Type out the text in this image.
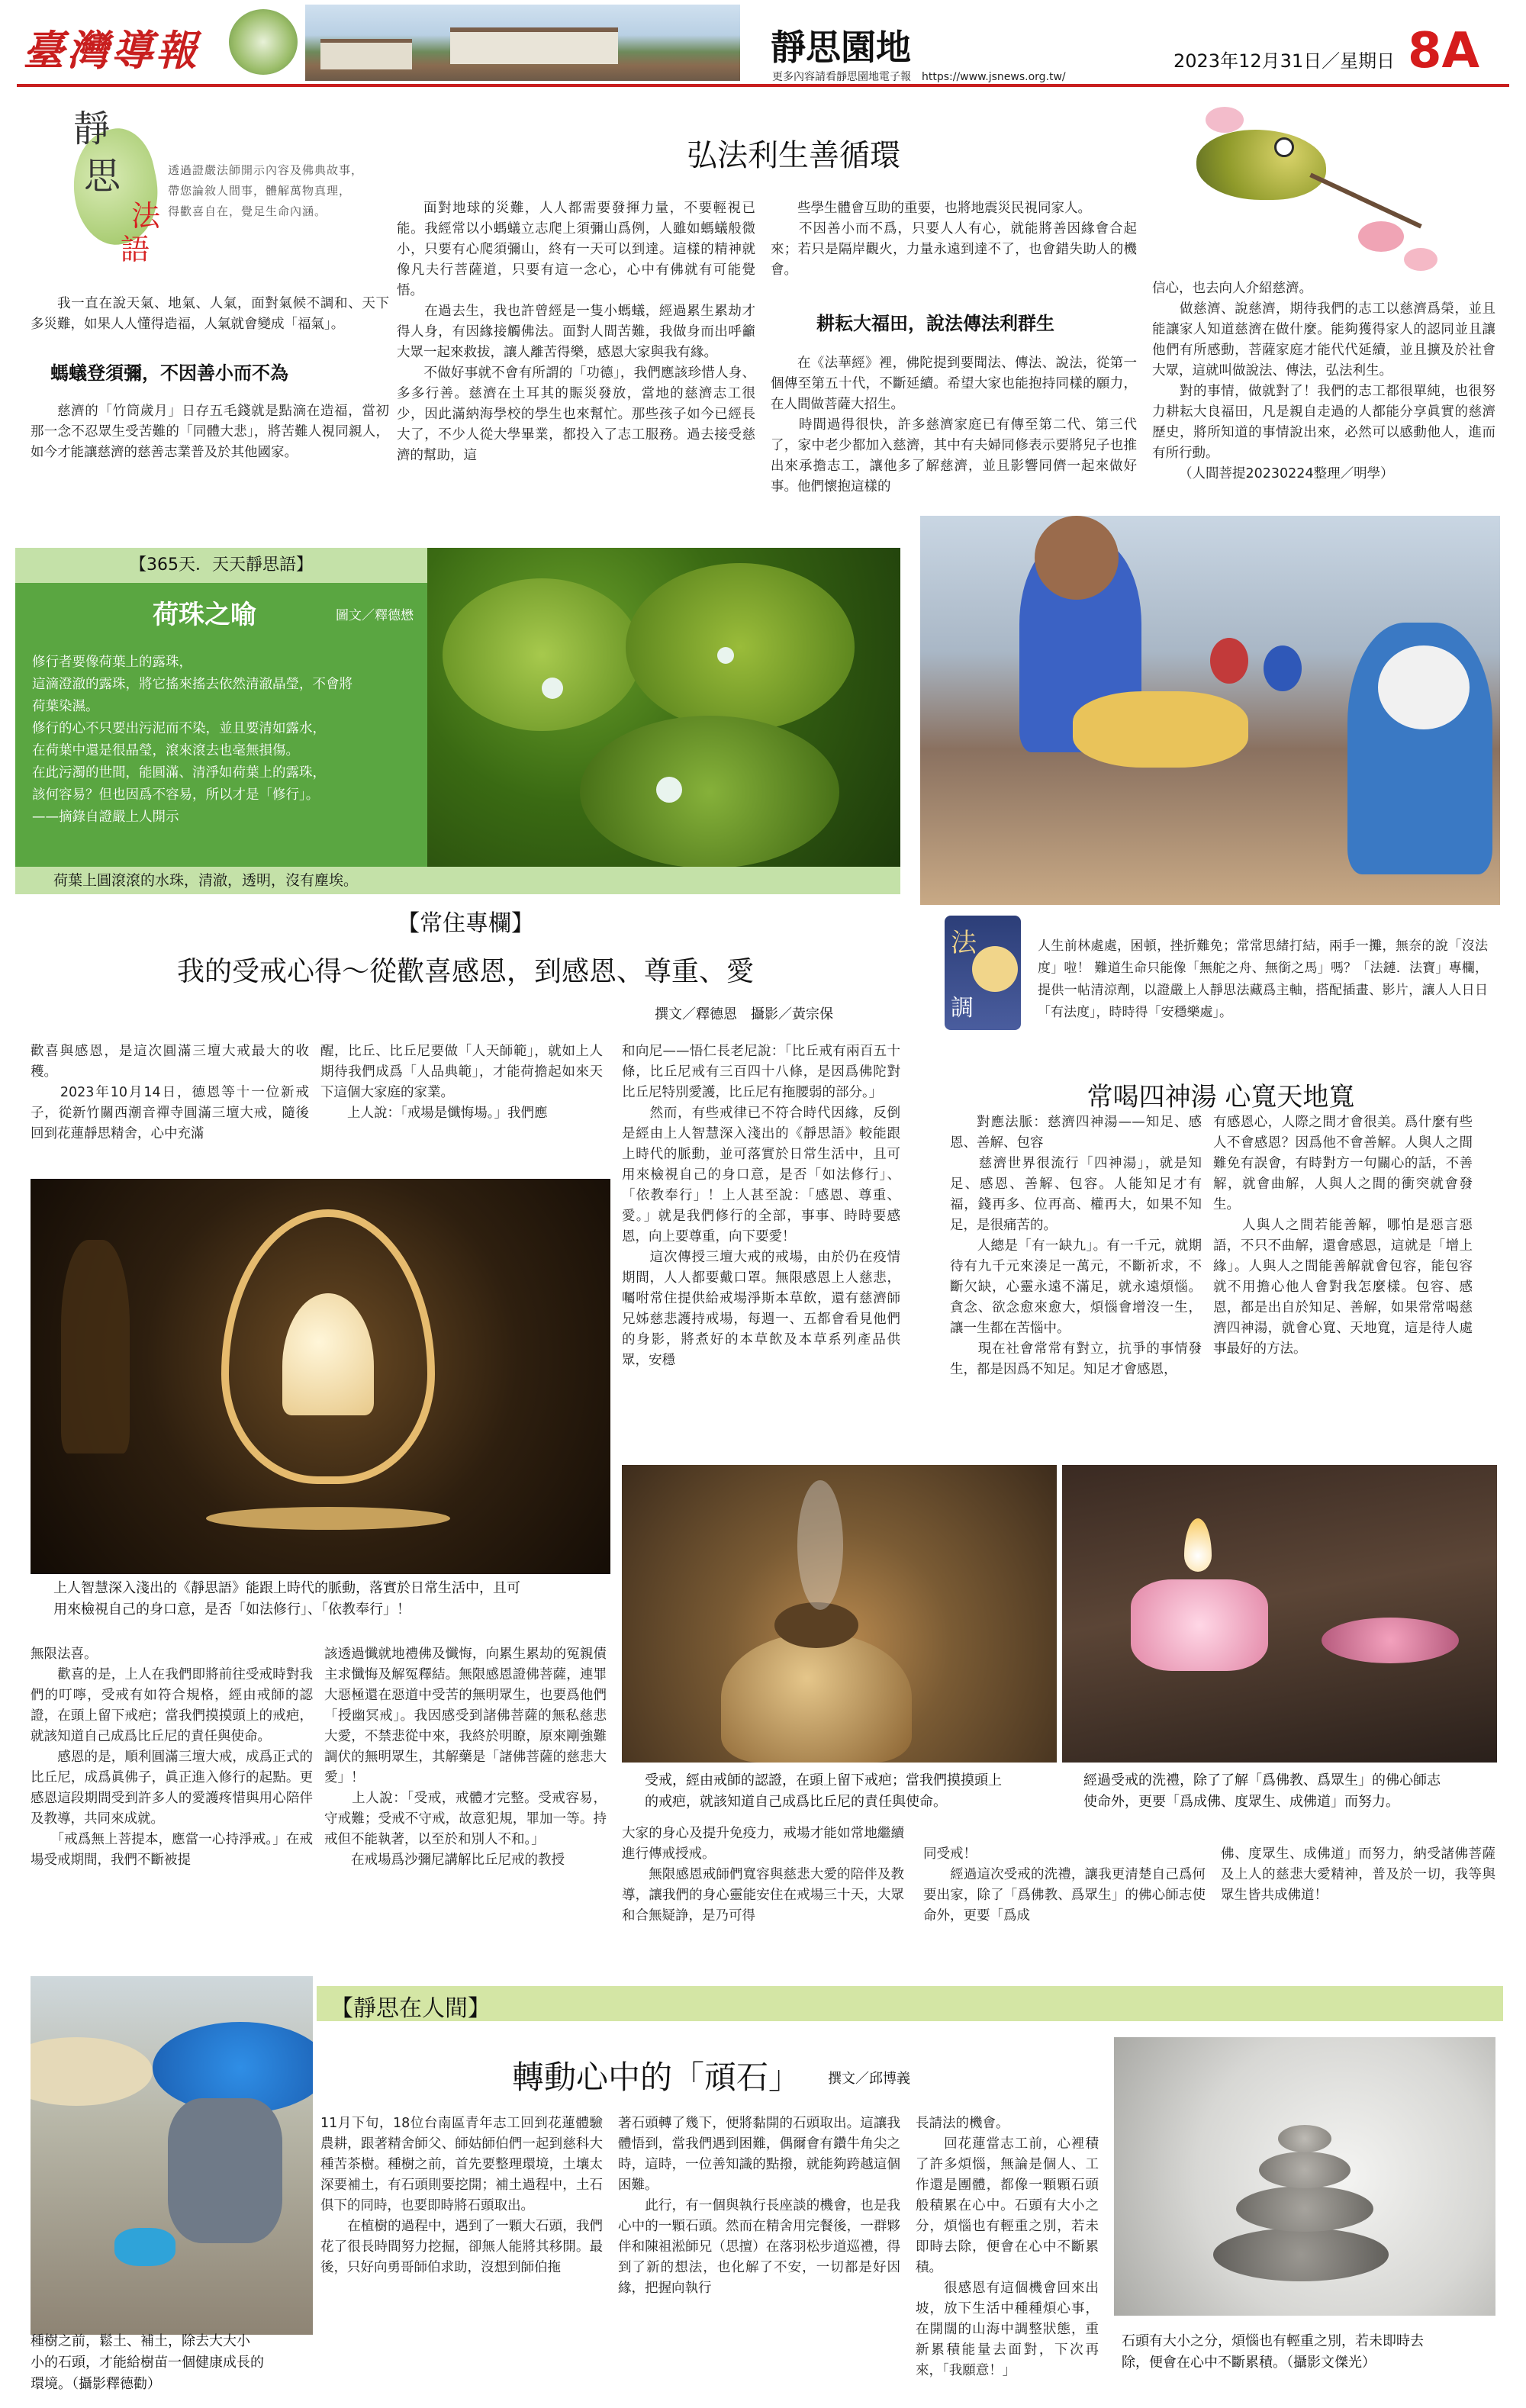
臺灣導報	靜思園地
更多內容請看靜思園地電子報　 https://www.jsnews.org.tw/
2023年12月31日／星期日 8A
靜
思
法
語
透過證嚴法師開示內容及佛典故事，
帶您論敘人間事，體解萬物真理，
得歡喜自在，覺足生命內涵。
弘法利生善循環
我一直在說天氣、地氣、人氣，面對氣候不調和、天下多災難，如果人人懂得造福，人氣就會變成「福氣」。
螞蟻登須彌，不因善小而不為
慈濟的「竹筒歲月」日存五毛錢就是點滴在造福，當初那一念不忍眾生受苦難的「同體大悲」，將苦難人視同親人，如今才能讓慈濟的慈善志業普及於其他國家。
面對地球的災難，人人都需要發揮力量，不要輕視已能。我經常以小螞蟻立志爬上須彌山爲例，人雖如螞蟻般微小，只要有心爬須彌山，終有一天可以到達。這樣的精神就像凡夫行菩薩道，只要有這一念心，心中有佛就有可能覺悟。
　　在過去生，我也許曾經是一隻小螞蟻，經過累生累劫才得人身，有因緣接觸佛法。面對人間苦難，我做身而出呼籲大眾一起來救拔，讓人離苦得樂，感恩大家與我有緣。
　　不做好事就不會有所謂的「功德」，我們應該珍惜人身、多多行善。慈濟在土耳其的賑災發放，當地的慈濟志工很少，因此滿納海學校的學生也來幫忙。那些孩子如今已經長大了，不少人從大學畢業，都投入了志工服務。過去接受慈濟的幫助，這
些學生體會互助的重要，也將地震災民視同家人。
　　不因善小而不爲，只要人人有心，就能將善因緣會合起來；若只是隔岸觀火，力量永遠到達不了，也會錯失助人的機會。
耕耘大福田，說法傳法利群生
在《法華經》裡，佛陀提到要聞法、傳法、說法，從第一個傳至第五十代，不斷延續。希望大家也能抱持同樣的願力，在人間做菩薩大招生。
　　時間過得很快，許多慈濟家庭已有傳至第二代、第三代了，家中老少都加入慈濟，其中有夫婦同修表示要將兒子也推出來承擔志工，讓他多了解慈濟，並且影響同儕一起來做好事。他們懷抱這樣的
信心，也去向人介紹慈濟。
　　做慈濟、說慈濟，期待我們的志工以慈濟爲榮，並且能讓家人知道慈濟在做什麼。能夠獲得家人的認同並且讓他們有所感動，菩薩家庭才能代代延續，並且擴及於社會大眾，這就叫做說法、傳法，弘法利生。
　　對的事情，做就對了！我們的志工都很單純，也很努力耕耘大良福田，凡是親自走過的人都能分享眞實的慈濟歷史，將所知道的事情說出來，必然可以感動他人，進而有所行動。
（人間菩提20230224整理／明學）
【365天．天天靜思語】
荷珠之喻	圖文／釋德懋
修行者要像荷葉上的露珠，
這滴澄澈的露珠，將它搖來搖去依然清澈晶瑩，不會將
荷葉染濕。
修行的心不只要出污泥而不染，並且要清如露水，
在荷葉中還是很晶瑩，滾來滾去也毫無損傷。
在此污濁的世間，能圓滿、清淨如荷葉上的露珠，
該何容易？但也因爲不容易，所以才是「修行」。
——摘錄自證嚴上人開示
荷葉上圓滾滾的水珠，清澈，透明，沒有塵埃。
【常住專欄】
我的受戒心得～從歡喜感恩，到感恩、尊重、愛
撰文／釋德恩　攝影／黃宗保
法
調
人生前林處處，困頓，挫折難免；常常思緒打結，兩手一攤，無奈的說「沒法度」啦！ 難道生命只能像「無舵之舟、無銜之馬」嗎？「法鏈．法寶」專欄，提供一帖清涼劑，以證嚴上人靜思法藏爲主軸，搭配插畫、影片，讓人人日日「有法度」，時時得「安穩樂處」。
常喝四神湯 心寬天地寬
對應法脈：慈濟四神湯——知足、感恩、善解、包容
　　慈濟世界很流行「四神湯」，就是知足、感恩、善解、包容。人能知足才有福，錢再多、位再高、權再大，如果不知足，是很痛苦的。
　　人總是「有一缺九」。有一千元，就期待有九千元來湊足一萬元，不斷祈求，不斷欠缺，心靈永遠不滿足，就永遠煩惱。貪念、欲念愈來愈大，煩惱會增沒一生，讓一生都在苦惱中。
　　現在社會常常有對立，抗爭的事情發生，都是因爲不知足。知足才會感恩，
有感恩心，人際之間才會很美。爲什麼有些人不會感恩？因爲他不會善解。人與人之間難免有誤會，有時對方一句關心的話，不善解，就會曲解，人與人之間的衝突就會發生。
　　人與人之間若能善解，哪怕是惡言惡語，不只不曲解，還會感恩，這就是「增上緣」。人與人之間能善解就會包容，能包容就不用擔心他人會對我怎麼樣。包容、感恩，都是出自於知足、善解，如果常常喝慈濟四神湯，就會心寬、天地寬，這是待人處事最好的方法。
歡喜與感恩，是這次圓滿三壇大戒最大的收穫。
　　2023年10月14日，德恩等十一位新戒子，從新竹關西潮音禪寺圓滿三壇大戒，隨後回到花蓮靜思精舍，心中充滿
醒，比丘、比丘尼要做「人天師範」，就如上人期待我們成爲「人品典範」，才能荷擔起如來天下這個大家庭的家業。
　　上人說：「戒場是懺悔場。」我們應
和向尼——悟仁長老尼說：「比丘戒有兩百五十條，比丘尼戒有三百四十八條，是因爲佛陀對比丘尼特別愛護，比丘尼有拖腰弱的部分。」
　　然而，有些戒律已不符合時代因緣，反倒是經由上人智慧深入淺出的《靜思語》較能跟上時代的脈動，並可落實於日常生活中，且可用來檢視自己的身口意，是否「如法修行」、「依教奉行」！上人甚至說：「感恩、尊重、愛。」就是我們修行的全部，事事、時時要感恩，向上要尊重，向下要愛！
　　這次傳授三壇大戒的戒場，由於仍在疫情期間，人人都要戴口罩。無限感恩上人慈悲，囑咐常住提供給戒場淨斯本草飲，還有慈濟師兄姊慈悲護持戒場，每週一、五都會看見他們的身影，將煮好的本草飲及本草系列產品供眾，安穩
上人智慧深入淺出的《靜思語》能跟上時代的脈動，落實於日常生活中，且可
用來檢視自己的身口意，是否「如法修行」、「依教奉行」！
無限法喜。
　　歡喜的是，上人在我們即將前往受戒時對我們的叮嚀，受戒有如符合規格，經由戒師的認證，在頭上留下戒疤；當我們摸摸頭上的戒疤，就該知道自己成爲比丘尼的責任與使命。
　　感恩的是，順利圓滿三壇大戒，成爲正式的比丘尼，成爲眞佛子，眞正進入修行的起點。更感恩這段期間受到許多人的愛護疼惜與用心陪伴及教導，共同來成就。
　　「戒爲無上菩提本，應當一心持淨戒。」在戒場受戒期間，我們不斷被提
該透過懺就地禮佛及懺悔，向累生累劫的冤親債主求懺悔及解冤釋結。無限感恩證佛菩薩，連罪大惡極還在惡道中受苦的無明眾生，也要爲他們「授幽冥戒」。我因感受到諸佛菩薩的無私慈悲大愛，不禁悲從中來，我終於明瞭，原來剛強難調伏的無明眾生，其解藥是「諸佛菩薩的慈悲大愛」！
　　上人說：「受戒，戒體才完整。受戒容易，守戒難；受戒不守戒，故意犯規，罪加一等。持戒但不能執著，以至於和別人不和。」
　　在戒場爲沙彌尼講解比丘尼戒的教授
受戒，經由戒師的認證，在頭上留下戒疤；當我們摸摸頭上
的戒疤，就該知道自己成爲比丘尼的責任與使命。
經過受戒的洗禮，除了了解「爲佛教、爲眾生」的佛心師志
使命外，更要「爲成佛、度眾生、成佛道」而努力。
大家的身心及提升免疫力，戒場才能如常地繼續進行傳戒授戒。
　　無限感恩戒師們寬容與慈悲大愛的陪伴及教導，讓我們的身心靈能安住在戒場三十天，大眾和合無疑諍，是乃可得
同受戒！
　　經過這次受戒的洗禮，讓我更清楚自己爲何要出家，除了「爲佛教、爲眾生」的佛心師志使命外，更要「爲成
佛、度眾生、成佛道」而努力，納受諸佛菩薩及上人的慈悲大愛精神，普及於一切，我等與眾生皆共成佛道！
【靜思在人間】
種樹之前，鬆土、補土，除去大大小
小的石頭，才能給樹苗一個健康成長的
環境。（攝影釋德勸）
轉動心中的「頑石」	撰文／邱博義
11月下旬，18位台南區青年志工回到花蓮體驗農耕，跟著精舍師父、師姑師伯們一起到慈科大種苦茶樹。種樹之前，首先要整理環境，土壤太深要補土，有石頭則要挖開；補土過程中，土石俱下的同時，也要即時將石頭取出。
　　在植樹的過程中，遇到了一顆大石頭，我們花了很長時間努力挖掘，卻無人能將其移開。最後，只好向勇哥師伯求助，沒想到師伯拖
著石頭轉了幾下，便將黏開的石頭取出。這讓我體悟到，當我們遇到困難，偶爾會有鑽牛角尖之時，這時，一位善知識的點撥，就能夠跨越這個困難。
　　此行，有一個與執行長座談的機會，也是我心中的一顆石頭。然而在精舍用完餐後，一群夥伴和陳祖淞師兄（思擅）在落羽松步道巡禮，得到了新的想法，也化解了不安，一切都是好因緣，把握向執行
長請法的機會。
　　回花蓮當志工前，心裡積了許多煩惱，無論是個人、工作還是團體，都像一顆顆石頭般積累在心中。石頭有大小之分，煩惱也有輕重之別，若未即時去除，便會在心中不斷累積。
　　很感恩有這個機會回來出坡，放下生活中種種煩心事，在開闊的山海中調整狀態，重新累積能量去面對，下次再來，「我願意！」
石頭有大小之分，煩惱也有輕重之別，若未即時去
除，便會在心中不斷累積。（攝影文傑光）
